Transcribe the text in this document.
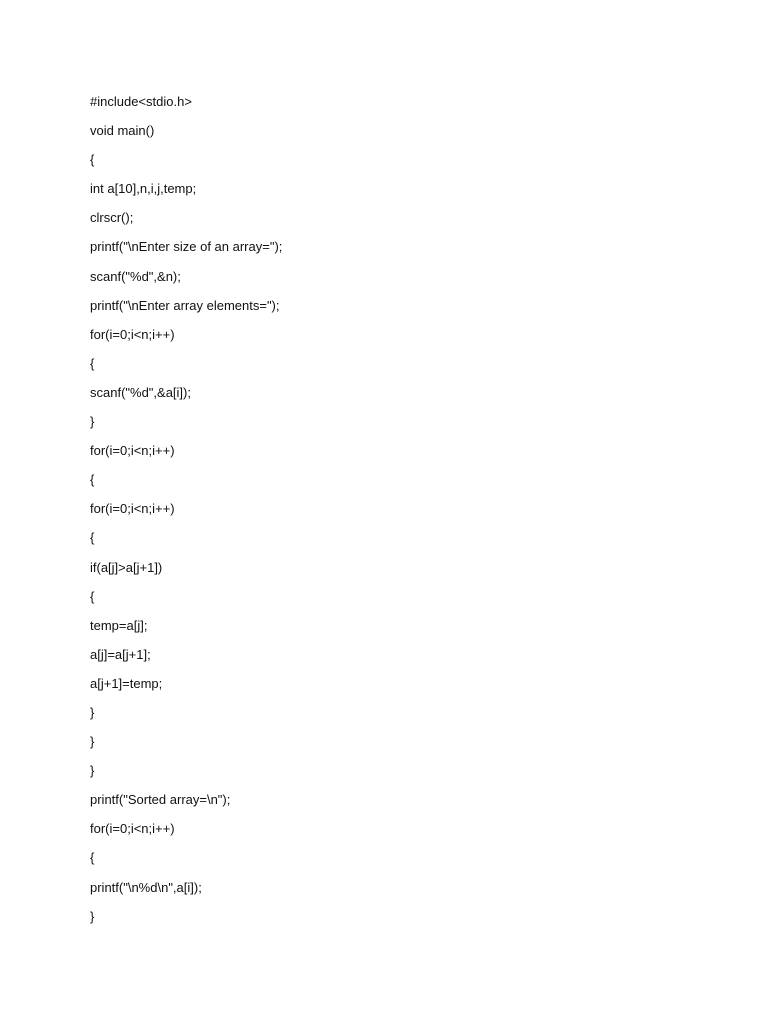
#include<stdio.h>
void main()
{
int a[10],n,i,j,temp;
clrscr();
printf("\nEnter size of an array=");
scanf("%d",&n);
printf("\nEnter array elements=");
for(i=0;i<n;i++)
{
scanf("%d",&a[i]);
}
for(i=0;i<n;i++)
{
for(i=0;i<n;i++)
{
if(a[j]>a[j+1])
{
temp=a[j];
a[j]=a[j+1];
a[j+1]=temp;
}
}
}
printf("Sorted array=\n");
for(i=0;i<n;i++)
{
printf("\n%d\n",a[i]);
}
